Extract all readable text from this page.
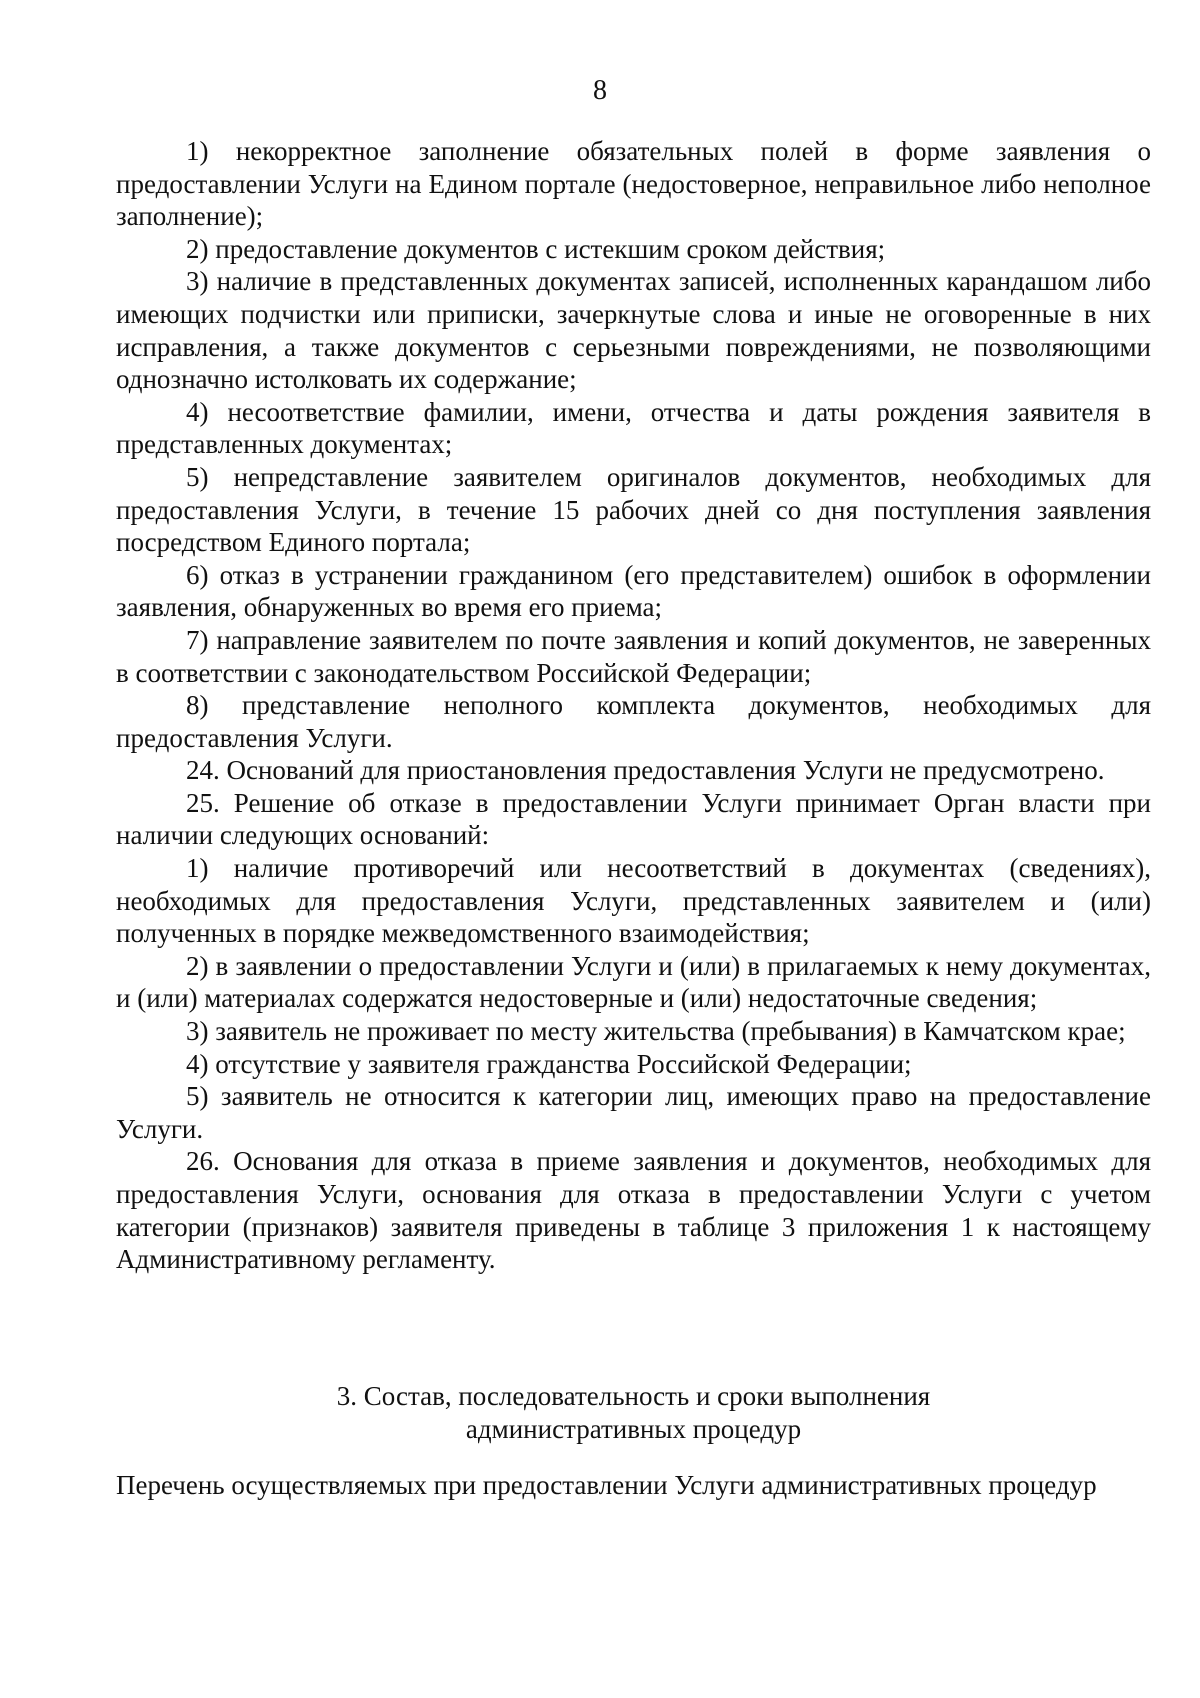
8

1) некорректное заполнение обязательных полей в форме заявления о предоставлении Услуги на Едином портале (недостоверное, неправильное либо неполное заполнение);

2) предоставление документов с истекшим сроком действия;

3) наличие в представленных документах записей, исполненных карандашом либо имеющих подчистки или приписки, зачеркнутые слова и иные не оговоренные в них исправления, а также документов с серьезными повреждениями, не позволяющими однозначно истолковать их содержание;

4) несоответствие фамилии, имени, отчества и даты рождения заявителя в представленных документах;

5) непредставление заявителем оригиналов документов, необходимых для предоставления Услуги, в течение 15 рабочих дней со дня поступления заявления посредством Единого портала;

6) отказ в устранении гражданином (его представителем) ошибок в оформлении заявления, обнаруженных во время его приема;

7) направление заявителем по почте заявления и копий документов, не заверенных в соответствии с законодательством Российской Федерации;

8) представление неполного комплекта документов, необходимых для предоставления Услуги.

24. Оснований для приостановления предоставления Услуги не предусмотрено.

25. Решение об отказе в предоставлении Услуги принимает Орган власти при наличии следующих оснований:

1) наличие противоречий или несоответствий в документах (сведениях), необходимых для предоставления Услуги, представленных заявителем и (или) полученных в порядке межведомственного взаимодействия;

2) в заявлении о предоставлении Услуги и (или) в прилагаемых к нему документах, и (или) материалах содержатся недостоверные и (или) недостаточные сведения;

3) заявитель не проживает по месту жительства (пребывания) в Камчатском крае;

4) отсутствие у заявителя гражданства Российской Федерации;

5) заявитель не относится к категории лиц, имеющих право на предоставление Услуги.

26. Основания для отказа в приеме заявления и документов, необходимых для предоставления Услуги, основания для отказа в предоставлении Услуги с учетом категории (признаков) заявителя приведены в таблице 3 приложения 1 к настоящему Административному регламенту.

3. Состав, последовательность и сроки выполнения
административных процедур
Перечень осуществляемых при предоставлении Услуги административных процедур
